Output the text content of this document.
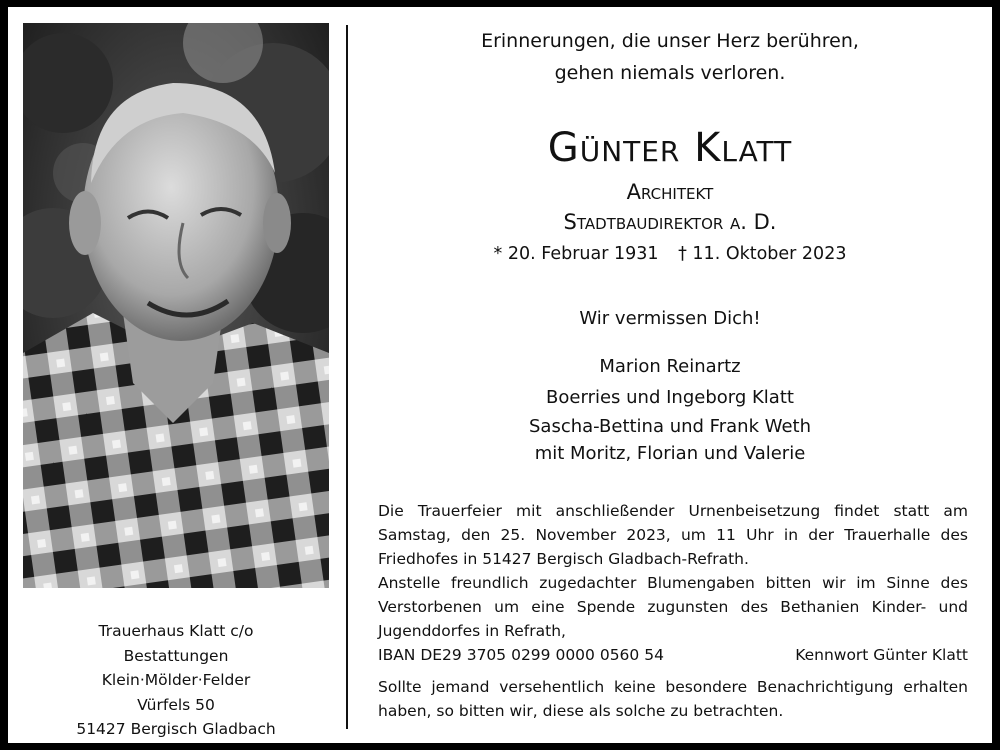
Trauerhaus Klatt c/o
Bestattungen
Klein·Mölder·Felder
Vürfels 50
51427 Bergisch Gladbach
Erinnerungen, die unser Herz berühren,
gehen niemals verloren.
Günter Klatt
Architekt
Stadtbaudirektor a. D.
* 20. Februar 1931 † 11. Oktober 2023
Wir vermissen Dich!
Marion Reinartz
Boerries und Ingeborg Klatt
Sascha-Bettina und Frank Weth
mit Moritz, Florian und Valerie

Die Trauerfeier mit anschließender Urnenbeisetzung findet statt am Samstag, den 25. November 2023, um 11 Uhr in der Trauerhalle des Friedhofes in 51427 Bergisch Gladbach-Refrath.

Anstelle freundlich zugedachter Blumengaben bitten wir im Sinne des Verstorbenen um eine Spende zugunsten des Bethanien Kinder- und Jugenddorfes in Refrath,

IBAN DE29 3705 0299 0000 0560 54	Kennwort Günter Klatt

Sollte jemand versehentlich keine besondere Benachrichtigung erhalten haben, so bitten wir, diese als solche zu betrachten.
